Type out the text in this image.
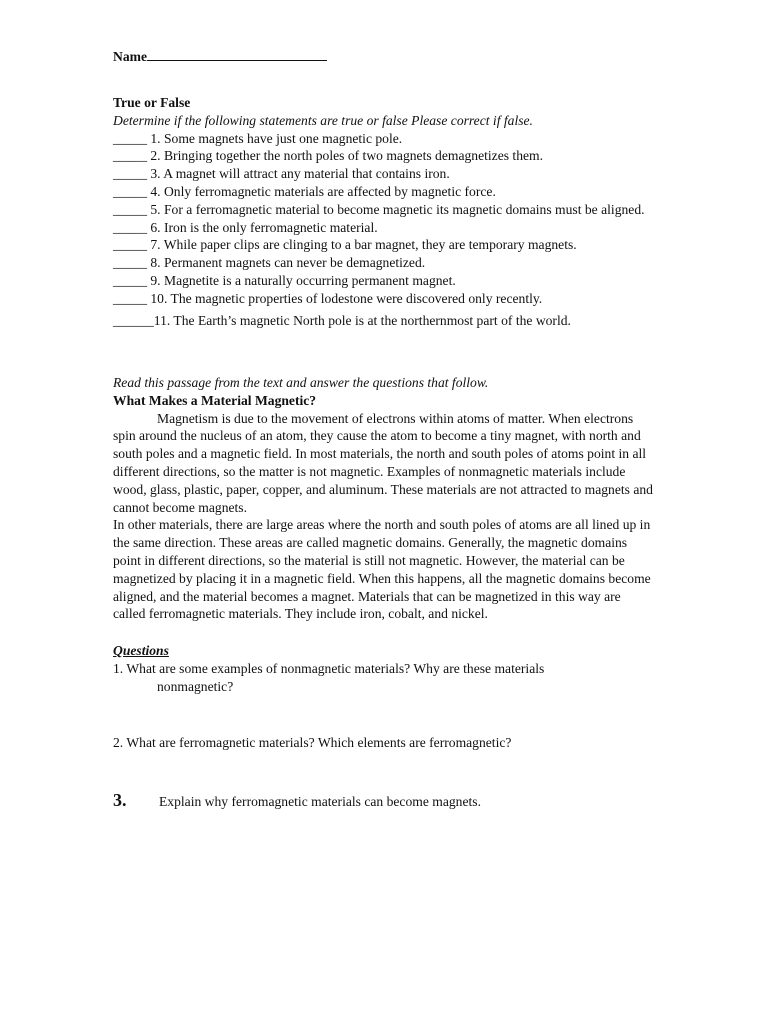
Name
True or False
Determine if the following statements are true or false Please correct if false.
_____ 1. Some magnets have just one magnetic pole.
_____ 2. Bringing together the north poles of two magnets demagnetizes them.
_____ 3. A magnet will attract any material that contains iron.
_____ 4. Only ferromagnetic materials are affected by magnetic force.
_____ 5. For a ferromagnetic material to become magnetic its magnetic domains must be aligned.
_____ 6. Iron is the only ferromagnetic material.
_____ 7. While paper clips are clinging to a bar magnet, they are temporary magnets.
_____ 8. Permanent magnets can never be demagnetized.
_____ 9. Magnetite is a naturally occurring permanent magnet.
_____ 10. The magnetic properties of lodestone were discovered only recently.
______11. The Earth’s magnetic North pole is at the northernmost part of the world.
Read this passage from the text and answer the questions that follow.
What Makes a Material Magnetic?
Magnetism is due to the movement of electrons within atoms of matter. When electrons spin around the nucleus of an atom, they cause the atom to become a tiny magnet, with north and south poles and a magnetic field. In most materials, the north and south poles of atoms point in all different directions, so the matter is not magnetic. Examples of nonmagnetic materials include wood, glass, plastic, paper, copper, and aluminum. These materials are not attracted to magnets and cannot become magnets.
In other materials, there are large areas where the north and south poles of atoms are all lined up in the same direction. These areas are called magnetic domains. Generally, the magnetic domains point in different directions, so the material is still not magnetic. However, the material can be magnetized by placing it in a magnetic field. When this happens, all the magnetic domains become aligned, and the material becomes a magnet. Materials that can be magnetized in this way are called ferromagnetic materials. They include iron, cobalt, and nickel.
Questions
1. What are some examples of nonmagnetic materials? Why are these materials
nonmagnetic?
2. What are ferromagnetic materials? Which elements are ferromagnetic?
3. Explain why ferromagnetic materials can become magnets.
